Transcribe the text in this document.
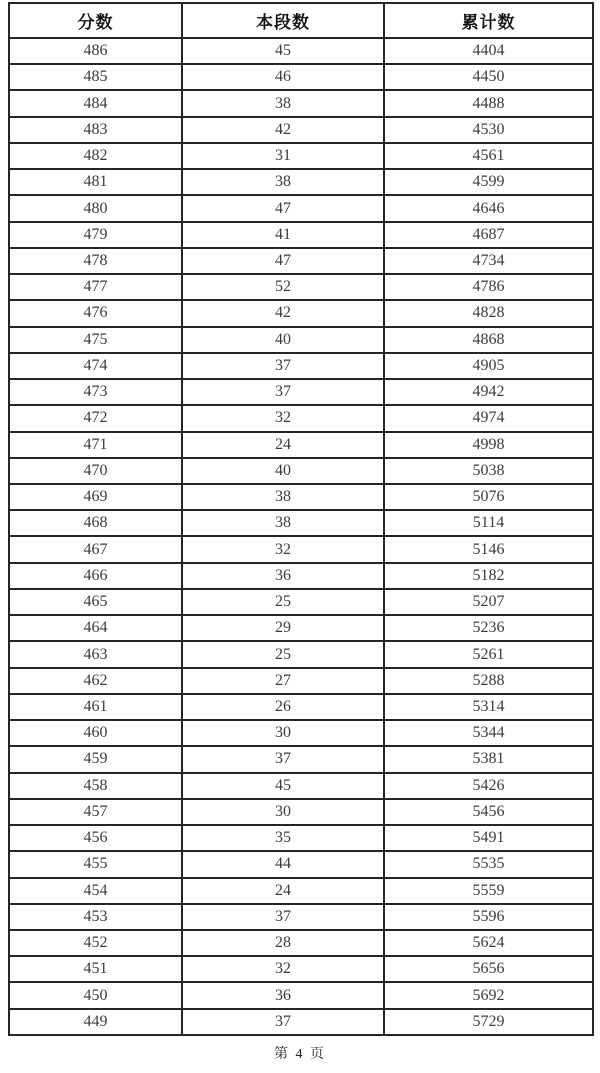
分数	本段数	累计数
486	45	4404
485	46	4450
484	38	4488
483	42	4530
482	31	4561
481	38	4599
480	47	4646
479	41	4687
478	47	4734
477	52	4786
476	42	4828
475	40	4868
474	37	4905
473	37	4942
472	32	4974
471	24	4998
470	40	5038
469	38	5076
468	38	5114
467	32	5146
466	36	5182
465	25	5207
464	29	5236
463	25	5261
462	27	5288
461	26	5314
460	30	5344
459	37	5381
458	45	5426
457	30	5456
456	35	5491
455	44	5535
454	24	5559
453	37	5596
452	28	5624
451	32	5656
450	36	5692
449	37	5729
第 4 页
